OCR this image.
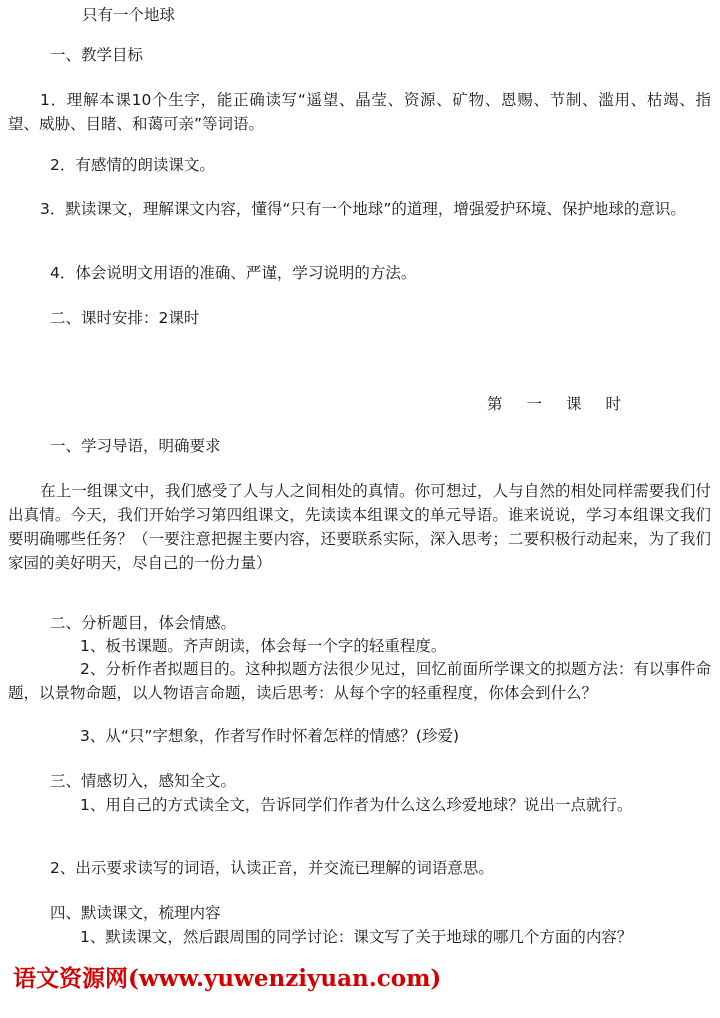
只有一个地球

一、教学目标

1．理解本课10个生字，能正确读写“遥望、晶莹、资源、矿物、恩赐、节制、滥用、枯竭、指望、威胁、目睹、和蔼可亲”等词语。

2．有感情的朗读课文。

3．默读课文，理解课文内容，懂得“只有一个地球”的道理，增强爱护环境、保护地球的意识。

4．体会说明文用语的准确、严谨，学习说明的方法。

二、课时安排：2课时

第一课时

一、学习导语，明确要求

在上一组课文中，我们感受了人与人之间相处的真情。你可想过，人与自然的相处同样需要我们付出真情。今天，我们开始学习第四组课文，先读读本组课文的单元导语。谁来说说，学习本组课文我们要明确哪些任务？（一要注意把握主要内容，还要联系实际，深入思考；二要积极行动起来，为了我们家园的美好明天，尽自己的一份力量）

二、分析题目，体会情感。

1、板书课题。齐声朗读，体会每一个字的轻重程度。

2、分析作者拟题目的。这种拟题方法很少见过，回忆前面所学课文的拟题方法：有以事件命题，以景物命题，以人物语言命题，读后思考：从每个字的轻重程度，你体会到什么？

3、从“只”字想象，作者写作时怀着怎样的情感？(珍爱)

三、情感切入，感知全文。

1、用自己的方式读全文，告诉同学们作者为什么这么珍爱地球？说出一点就行。

2、出示要求读写的词语，认读正音，并交流已理解的词语意思。

四、默读课文，梳理内容

1、默读课文，然后跟周围的同学讨论：课文写了关于地球的哪几个方面的内容？

语文资源网(www.yuwenziyuan.com)
